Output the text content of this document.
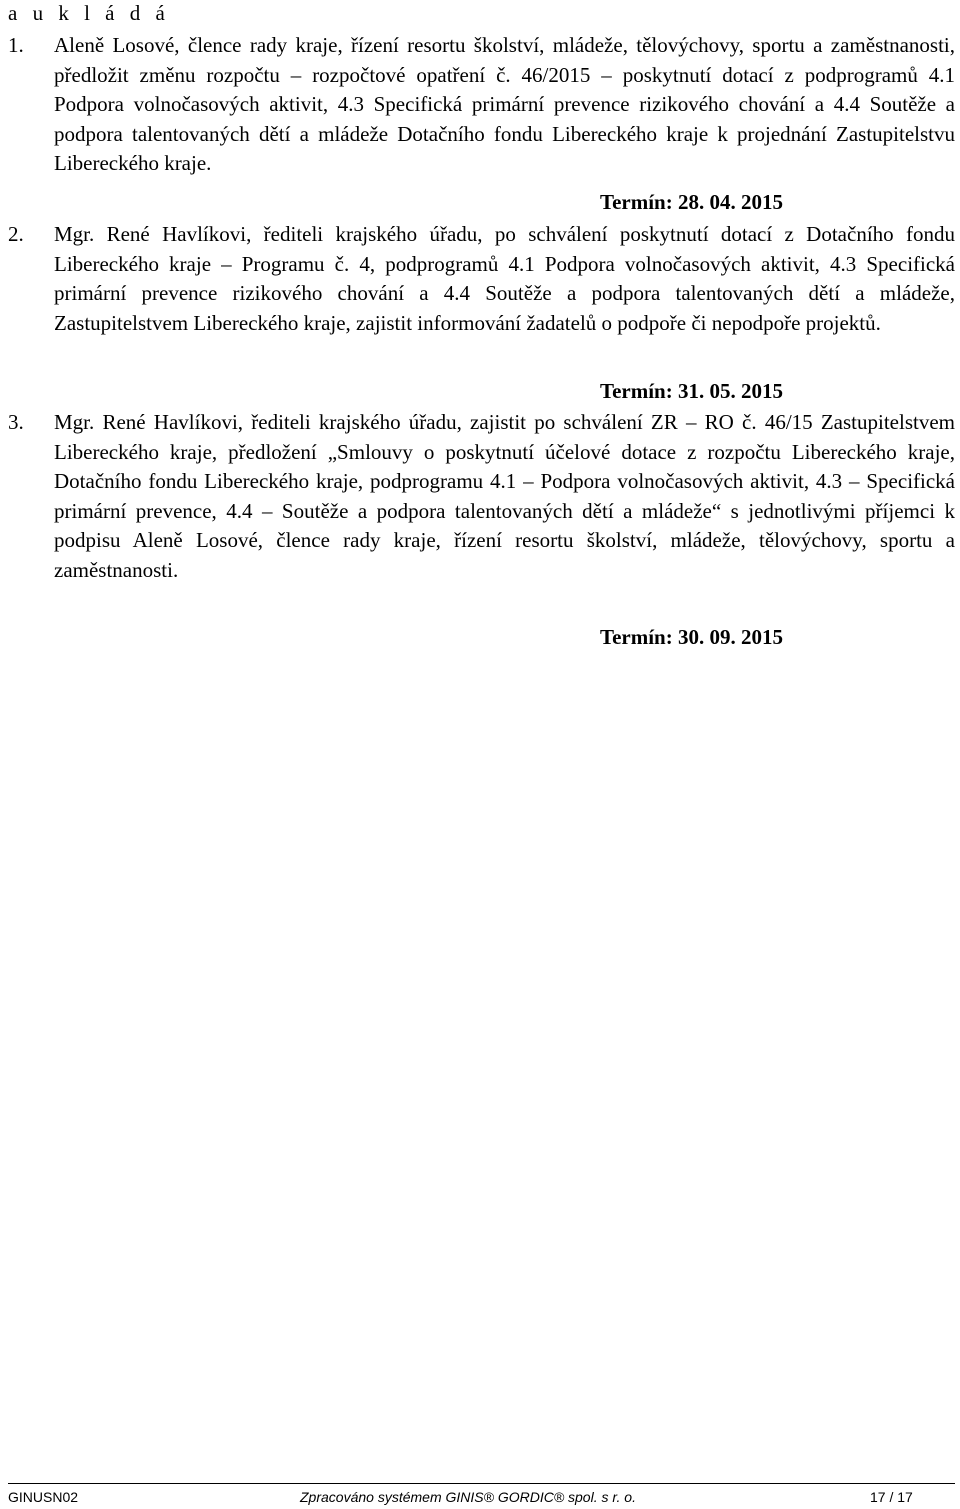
a u k l á d á
1. Aleně Losové, člence rady kraje, řízení resortu školství, mládeže, tělovýchovy, sportu a zaměstnanosti, předložit změnu rozpočtu – rozpočtové opatření č. 46/2015 – poskytnutí dotací z podprogramů 4.1 Podpora volnočasových aktivit, 4.3 Specifická primární prevence rizikového chování a 4.4 Soutěže a podpora talentovaných dětí a mládeže Dotačního fondu Libereckého kraje k projednání Zastupitelstvu Libereckého kraje.
Termín: 28. 04. 2015
2. Mgr. René Havlíkovi, řediteli krajského úřadu, po schválení poskytnutí dotací z Dotačního fondu Libereckého kraje – Programu č. 4, podprogramů 4.1 Podpora volnočasových aktivit, 4.3 Specifická primární prevence rizikového chování a 4.4 Soutěže a podpora talentovaných dětí a mládeže, Zastupitelstvem Libereckého kraje, zajistit informování žadatelů o podpoře či nepodpoře projektů.
Termín: 31. 05. 2015
3. Mgr. René Havlíkovi, řediteli krajského úřadu, zajistit po schválení ZR – RO č. 46/15 Zastupitelstvem Libereckého kraje, předložení „Smlouvy o poskytnutí účelové dotace z rozpočtu Libereckého kraje, Dotačního fondu Libereckého kraje, podprogramu 4.1 – Podpora volnočasových aktivit, 4.3 – Specifická primární prevence, 4.4 – Soutěže a podpora talentovaných dětí a mládeže“ s jednotlivými příjemci k podpisu Aleně Losové, člence rady kraje, řízení resortu školství, mládeže, tělovýchovy, sportu a zaměstnanosti.
Termín: 30. 09. 2015
GINUSN02	Zpracováno systémem GINIS® GORDIC® spol. s r. o.	17 / 17
